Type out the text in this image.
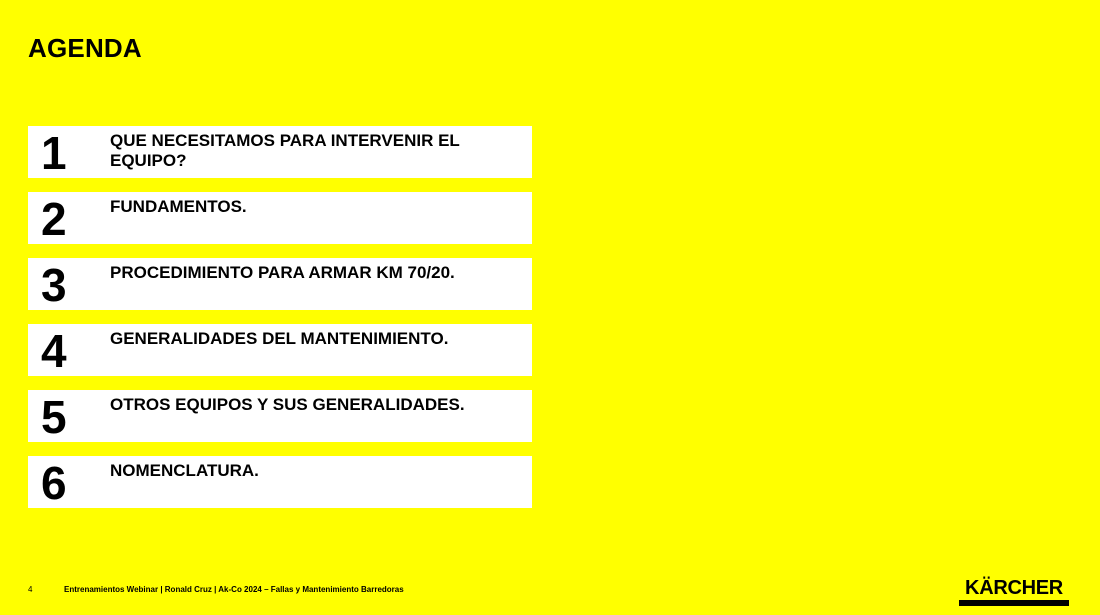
AGENDA
1	QUE NECESITAMOS PARA INTERVENIR EL EQUIPO?
2	FUNDAMENTOS.
3	PROCEDIMIENTO PARA ARMAR KM 70/20.
4	GENERALIDADES DEL MANTENIMIENTO.
5	OTROS EQUIPOS Y SUS GENERALIDADES.
6	NOMENCLATURA.
4	Entrenamientos Webinar | Ronald Cruz | Ak-Co 2024 – Fallas y Mantenimiento Barredoras	KÄRCHER
